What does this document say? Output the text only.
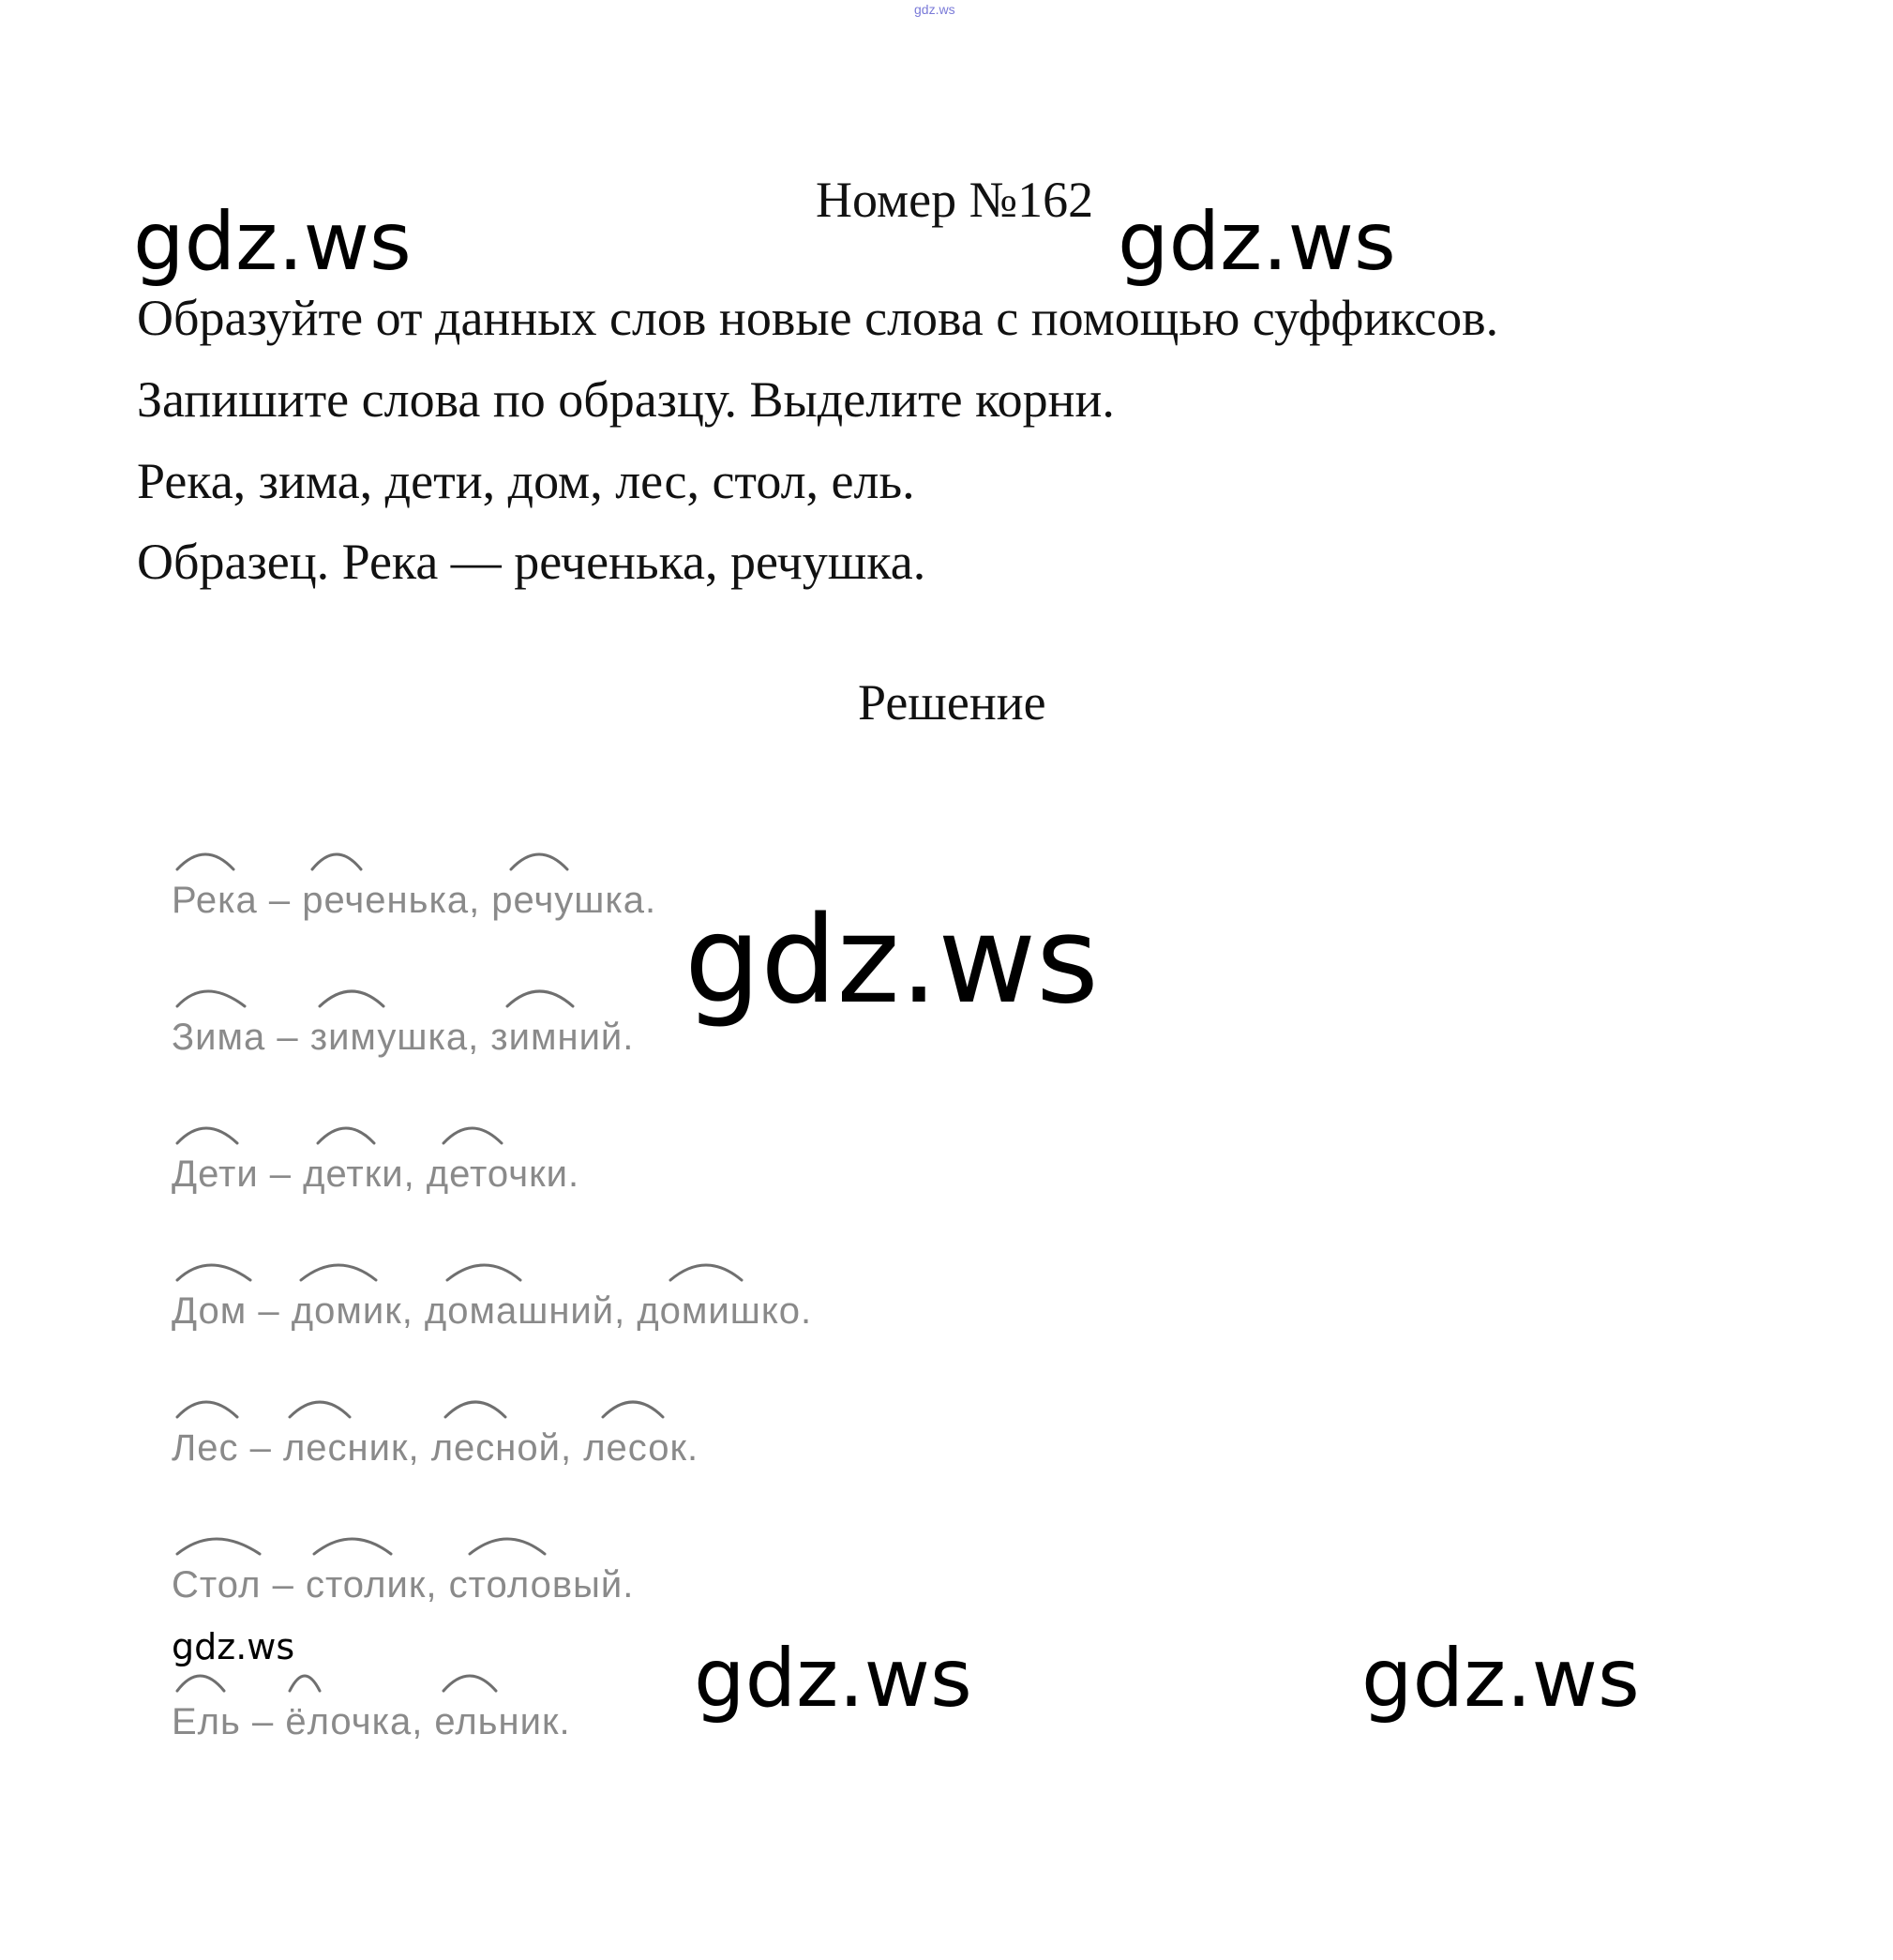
gdz.ws
Номер №162
gdz.ws	gdz.ws
Образуйте от данных слов новые слова с помощью суффиксов.
Запишите слова по образцу. Выделите корни.
Река, зима, дети, дом, лес, стол, ель.
Образец. Река — реченька, речушка.
Решение
Река – реченька, речушка.
Зима – зимушка, зимний.
Дети – детки, деточки.
Дом – домик, домашний, домишко.
Лес – лесник, лесной, лесок.
Стол – столик, столовый.
Ель – ёлочка, ельник.
gdz.ws
gdz.ws	gdz.ws	gdz.ws
